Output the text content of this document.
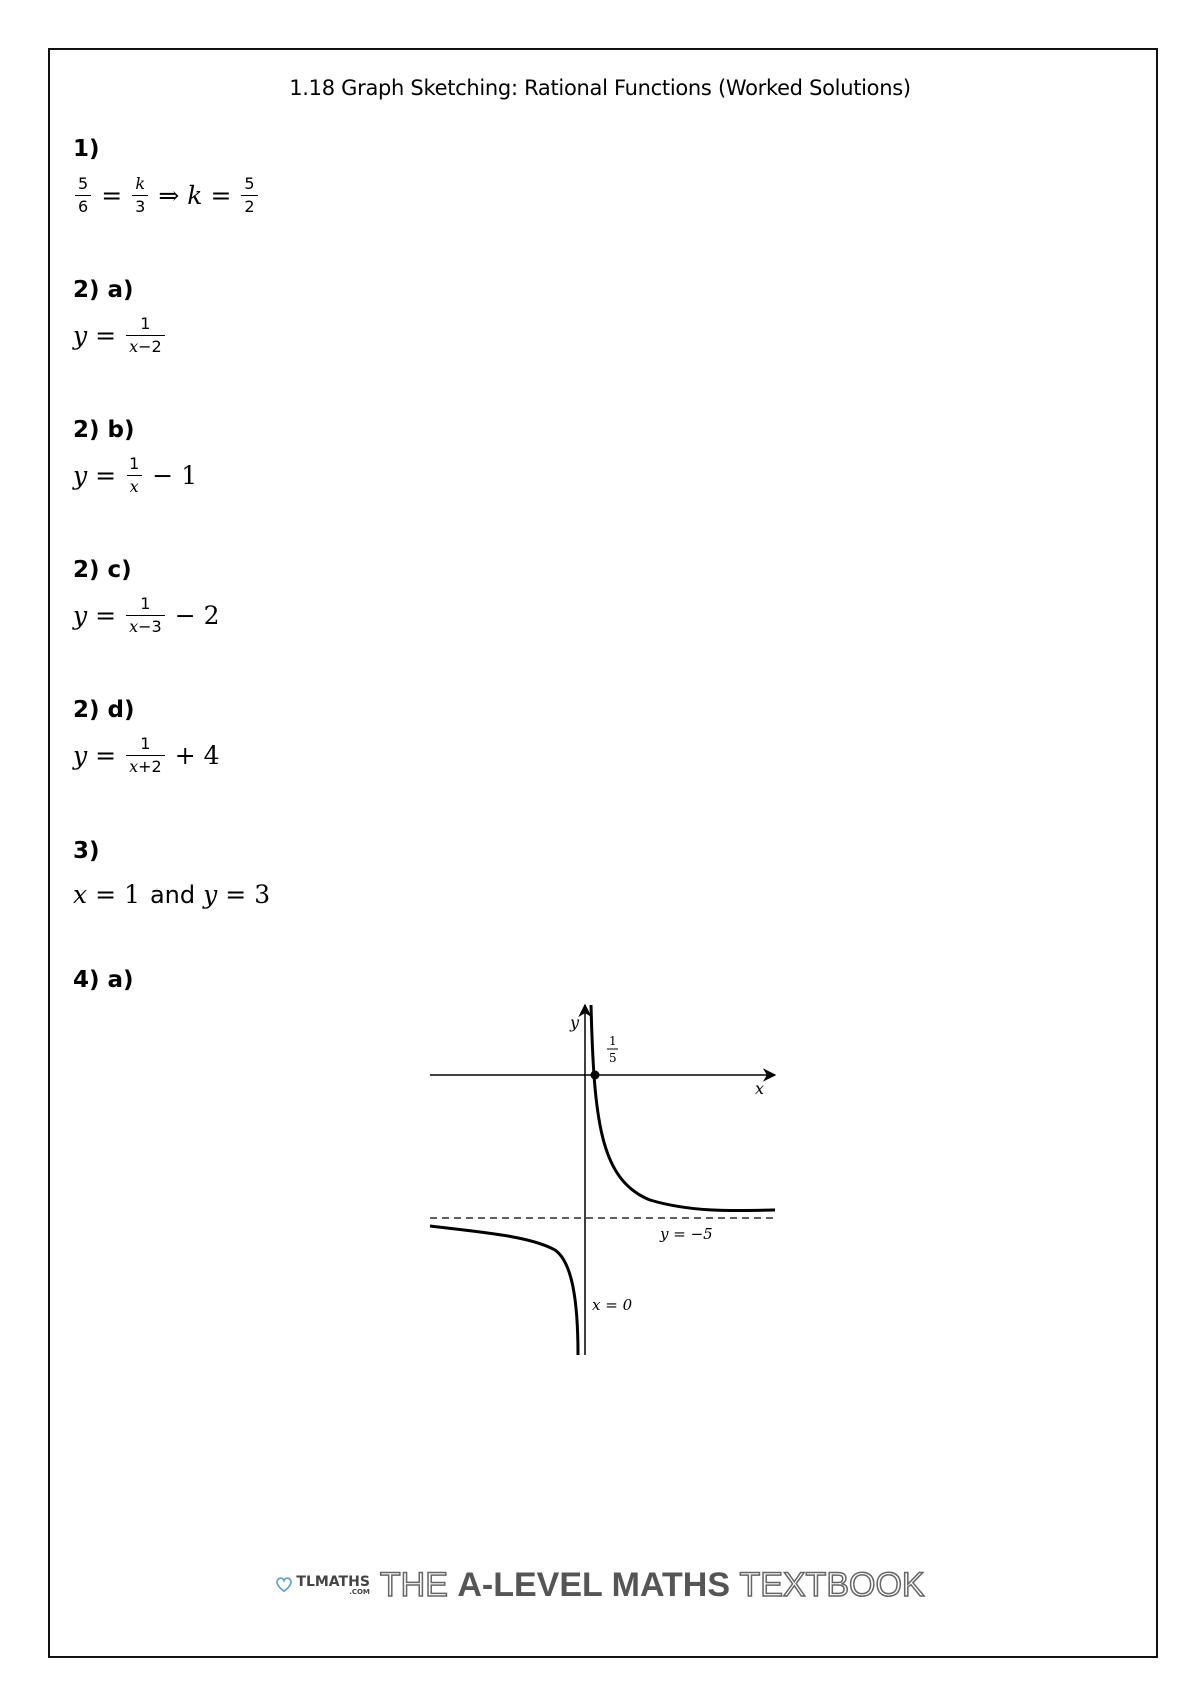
1.18 Graph Sketching: Rational Functions (Worked Solutions)
1)
$\frac{5}{6} = \frac{k}{3}$ ⇒ $k = \frac{5}{2}$
2) a)
$y = \frac{1}{x-2}$
2) b)
$y = \frac{1}{x} - 1$
2) c)
$y = \frac{1}{x-3} - 2$
2) d)
$y = \frac{1}{x+2} + 4$
3)
x = 1 and y = 3
4) a)
y
x
1
5
y = −5
x = 0
TLMATHS
.COM THE A-LEVEL MATHS TEXTBOOK
